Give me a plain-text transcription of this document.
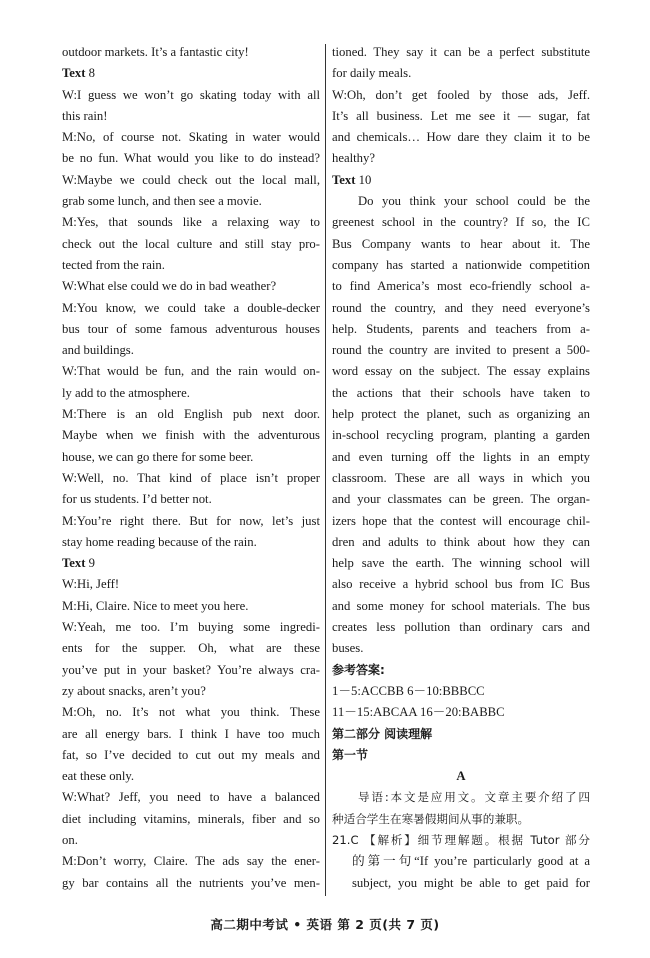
outdoor markets. It’s a fantastic city!
Text 8
W:I guess we won’t go skating today with all
this rain!
M:No, of course not. Skating in water would
be no fun. What would you like to do instead?
W:Maybe we could check out the local mall,
grab some lunch, and then see a movie.
M:Yes, that sounds like a relaxing way to
check out the local culture and still stay pro-
tected from the rain.
W:What else could we do in bad weather?
M:You know, we could take a double-decker
bus tour of some famous adventurous houses
and buildings.
W:That would be fun, and the rain would on-
ly add to the atmosphere.
M:There is an old English pub next door.
Maybe when we finish with the adventurous
house, we can go there for some beer.
W:Well, no. That kind of place isn’t proper
for us students. I’d better not.
M:You’re right there. But for now, let’s just
stay home reading because of the rain.
Text 9
W:Hi, Jeff!
M:Hi, Claire. Nice to meet you here.
W:Yeah, me too. I’m buying some ingredi-
ents for the supper. Oh, what are these
you’ve put in your basket? You’re always cra-
zy about snacks, aren’t you?
M:Oh, no. It’s not what you think. These
are all energy bars. I think I have too much
fat, so I’ve decided to cut out my meals and
eat these only.
W:What? Jeff, you need to have a balanced
diet including vitamins, minerals, fiber and so
on.
M:Don’t worry, Claire. The ads say the ener-
gy bar contains all the nutrients you’ve men-
tioned. They say it can be a perfect substitute
for daily meals.
W:Oh, don’t get fooled by those ads, Jeff.
It’s all business. Let me see it — sugar, fat
and chemicals… How dare they claim it to be
healthy?
Text 10
Do you think your school could be the
greenest school in the country? If so, the IC
Bus Company wants to hear about it. The
company has started a nationwide competition
to find America’s most eco-friendly school a-
round the country, and they need everyone’s
help. Students, parents and teachers from a-
round the country are invited to present a 500-
word essay on the subject. The essay explains
the actions that their schools have taken to
help protect the planet, such as organizing an
in-school recycling program, planting a garden
and even turning off the lights in an empty
classroom. These are all ways in which you
and your classmates can be green. The organ-
izers hope that the contest will encourage chil-
dren and adults to think about how they can
help save the earth. The winning school will
also receive a hybrid school bus from IC Bus
and some money for school materials. The bus
creates less pollution than ordinary cars and
buses.
参考答案:
1－5:ACCBB 6－10:BBBCC
11－15:ABCAA 16－20:BABBC
第二部分 阅读理解
第一节
A
导语:本文是应用文。文章主要介绍了四
种适合学生在寒暑假期间从事的兼职。
21.C 【解析】细节理解题。根据 Tutor 部分
的第一句“If you’re particularly good at a
subject, you might be able to get paid for
高二期中考试 • 英语 第 2 页(共 7 页)
